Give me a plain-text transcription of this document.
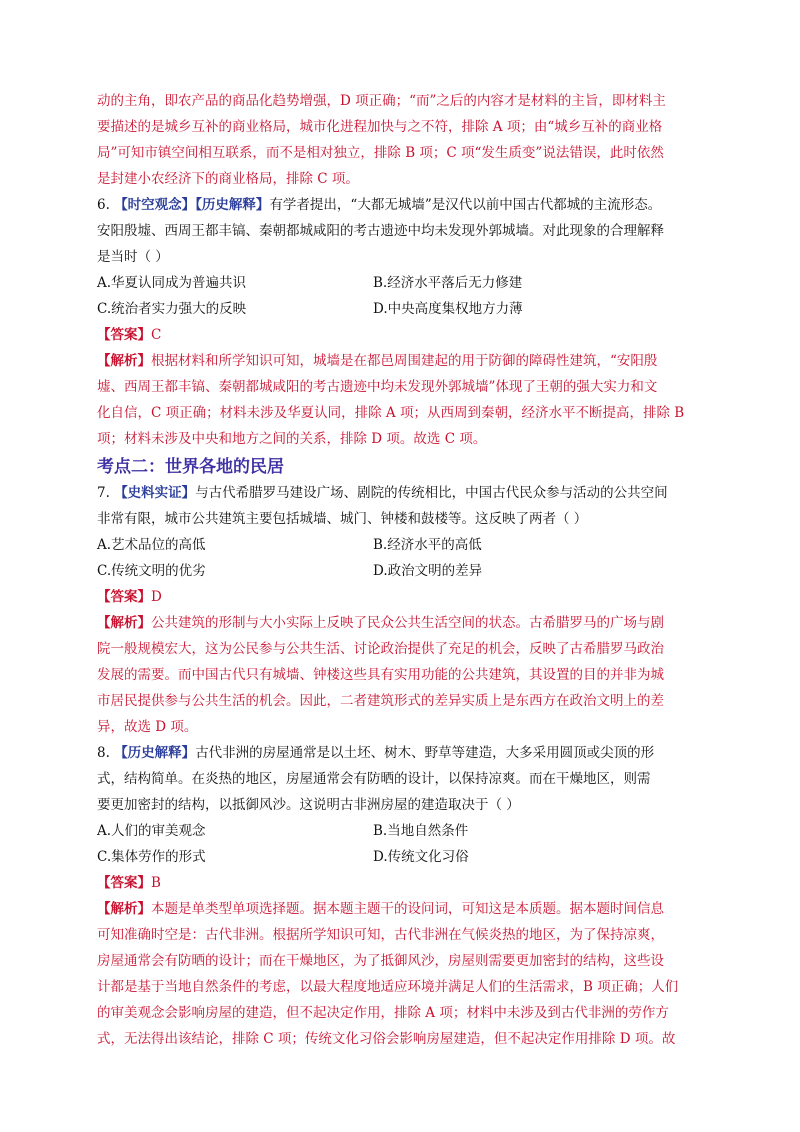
动的主角，即农产品的商品化趋势增强，D 项正确；“而”之后的内容才是材料的主旨，即材料主

要描述的是城乡互补的商业格局，城市化进程加快与之不符，排除 A 项；由“城乡互补的商业格

局”可知市镇空间相互联系，而不是相对独立，排除 B 项；C 项“发生质变”说法错误，此时依然

是封建小农经济下的商业格局，排除 C 项。

6. 【时空观念】【历史解释】有学者提出，“大都无城墙”是汉代以前中国古代都城的主流形态。

安阳殷墟、西周王都丰镐、秦朝都城咸阳的考古遗迹中均未发现外郭城墙。对此现象的合理解释

是当时（ ）

A.华夏认同成为普遍共识	B.经济水平落后无力修建
C.统治者实力强大的反映	D.中央高度集权地方力薄
【答案】C

【解析】根据材料和所学知识可知，城墙是在都邑周围建起的用于防御的障碍性建筑，“安阳殷

墟、西周王都丰镐、秦朝都城咸阳的考古遗迹中均未发现外郭城墙”体现了王朝的强大实力和文

化自信，C 项正确；材料未涉及华夏认同，排除 A 项；从西周到秦朝，经济水平不断提高，排除 B

项；材料未涉及中央和地方之间的关系，排除 D 项。故选 C 项。

考点二：世界各地的民居

7. 【史料实证】与古代希腊罗马建设广场、剧院的传统相比，中国古代民众参与活动的公共空间

非常有限，城市公共建筑主要包括城墙、城门、钟楼和鼓楼等。这反映了两者（ ）

A.艺术品位的高低	B.经济水平的高低
C.传统文明的优劣	D.政治文明的差异
【答案】D

【解析】公共建筑的形制与大小实际上反映了民众公共生活空间的状态。古希腊罗马的广场与剧

院一般规模宏大，这为公民参与公共生活、讨论政治提供了充足的机会，反映了古希腊罗马政治

发展的需要。而中国古代只有城墙、钟楼这些具有实用功能的公共建筑，其设置的目的并非为城

市居民提供参与公共生活的机会。因此，二者建筑形式的差异实质上是东西方在政治文明上的差

异，故选 D 项。

8. 【历史解释】古代非洲的房屋通常是以土坯、树木、野草等建造，大多采用圆顶或尖顶的形

式，结构简单。在炎热的地区，房屋通常会有防晒的设计，以保持凉爽。而在干燥地区，则需

要更加密封的结构，以抵御风沙。这说明古非洲房屋的建造取决于（ ）

A.人们的审美观念	B.当地自然条件
C.集体劳作的形式	D.传统文化习俗
【答案】B

【解析】本题是单类型单项选择题。据本题主题干的设问词，可知这是本质题。据本题时间信息

可知准确时空是：古代非洲。根据所学知识可知，古代非洲在气候炎热的地区，为了保持凉爽，

房屋通常会有防晒的设计；而在干燥地区，为了抵御风沙，房屋则需要更加密封的结构，这些设

计都是基于当地自然条件的考虑，以最大程度地适应环境并满足人们的生活需求，B 项正确；人们

的审美观念会影响房屋的建造，但不起决定作用，排除 A 项；材料中未涉及到古代非洲的劳作方

式，无法得出该结论，排除 C 项；传统文化习俗会影响房屋建造，但不起决定作用排除 D 项。故
